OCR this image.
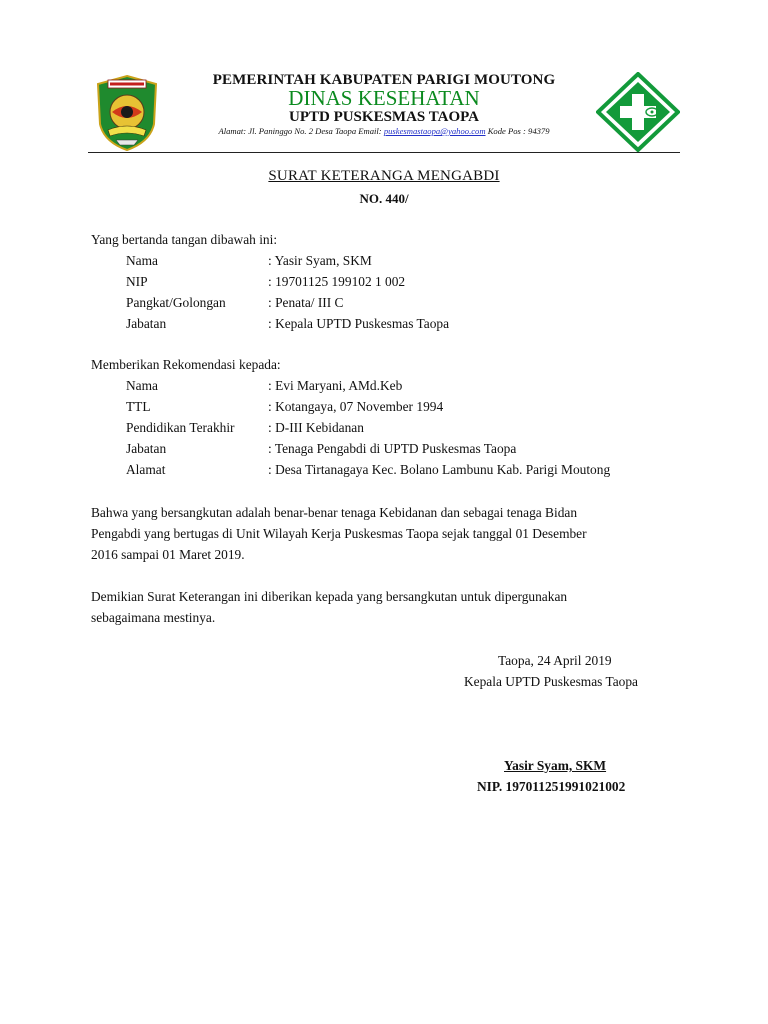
PEMERINTAH KABUPATEN PARIGI MOUTONG
DINAS KESEHATAN
UPTD PUSKESMAS TAOPA
Alamat: Jl. Paninggo No. 2 Desa Taopa Email: puskesmastaopa@yahoo.com Kode Pos : 94379
SURAT KETERANGA MENGABDI
NO. 440/
Yang bertanda tangan dibawah ini:
Nama	: Yasir Syam, SKM
NIP	: 19701125 199102 1 002
Pangkat/Golongan	: Penata/ III C
Jabatan	: Kepala UPTD Puskesmas Taopa
Memberikan Rekomendasi kepada:
Nama	: Evi Maryani, AMd.Keb
TTL	: Kotangaya, 07 November 1994
Pendidikan Terakhir : D-III Kebidanan
Jabatan	: Tenaga Pengabdi di UPTD Puskesmas Taopa
Alamat	: Desa Tirtanagaya Kec. Bolano Lambunu Kab. Parigi Moutong
Bahwa yang bersangkutan adalah benar-benar tenaga Kebidanan dan sebagai tenaga Bidan
Pengabdi yang bertugas di Unit Wilayah Kerja Puskesmas Taopa sejak tanggal 01 Desember
2016 sampai 01 Maret 2019.
Demikian Surat Keterangan ini diberikan kepada yang bersangkutan untuk dipergunakan
sebagaimana mestinya.
Taopa, 24 April 2019
Kepala UPTD Puskesmas Taopa
Yasir Syam, SKM
NIP. 197011251991021002
